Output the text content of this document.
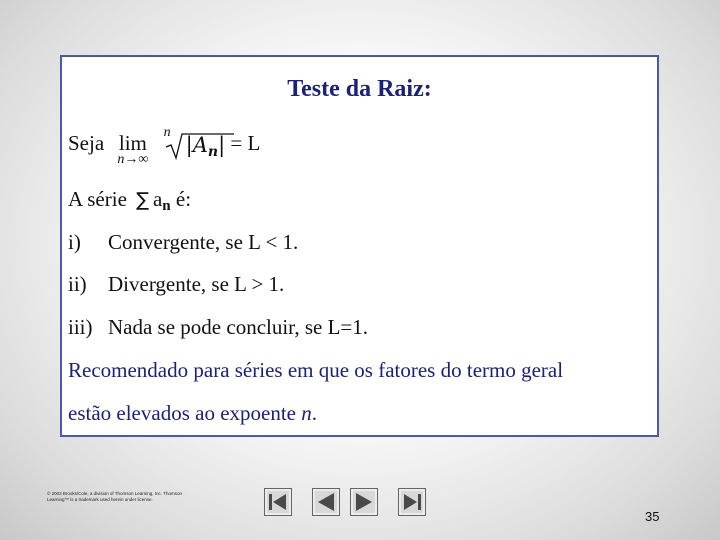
Teste da Raiz:
Seja lim
n→∞

n
|An| = L
A série ∑ an é:
i) Convergente, se L < 1.
ii) Divergente, se L > 1.
iii) Nada se pode concluir, se L=1.
Recomendado para séries em que os fatores do termo geral
estão elevados ao expoente n.
© 2003 Brooks/Cole, a division of Thomson Learning, Inc. Thomson
Learning™ is a trademark used herein under license.
35
